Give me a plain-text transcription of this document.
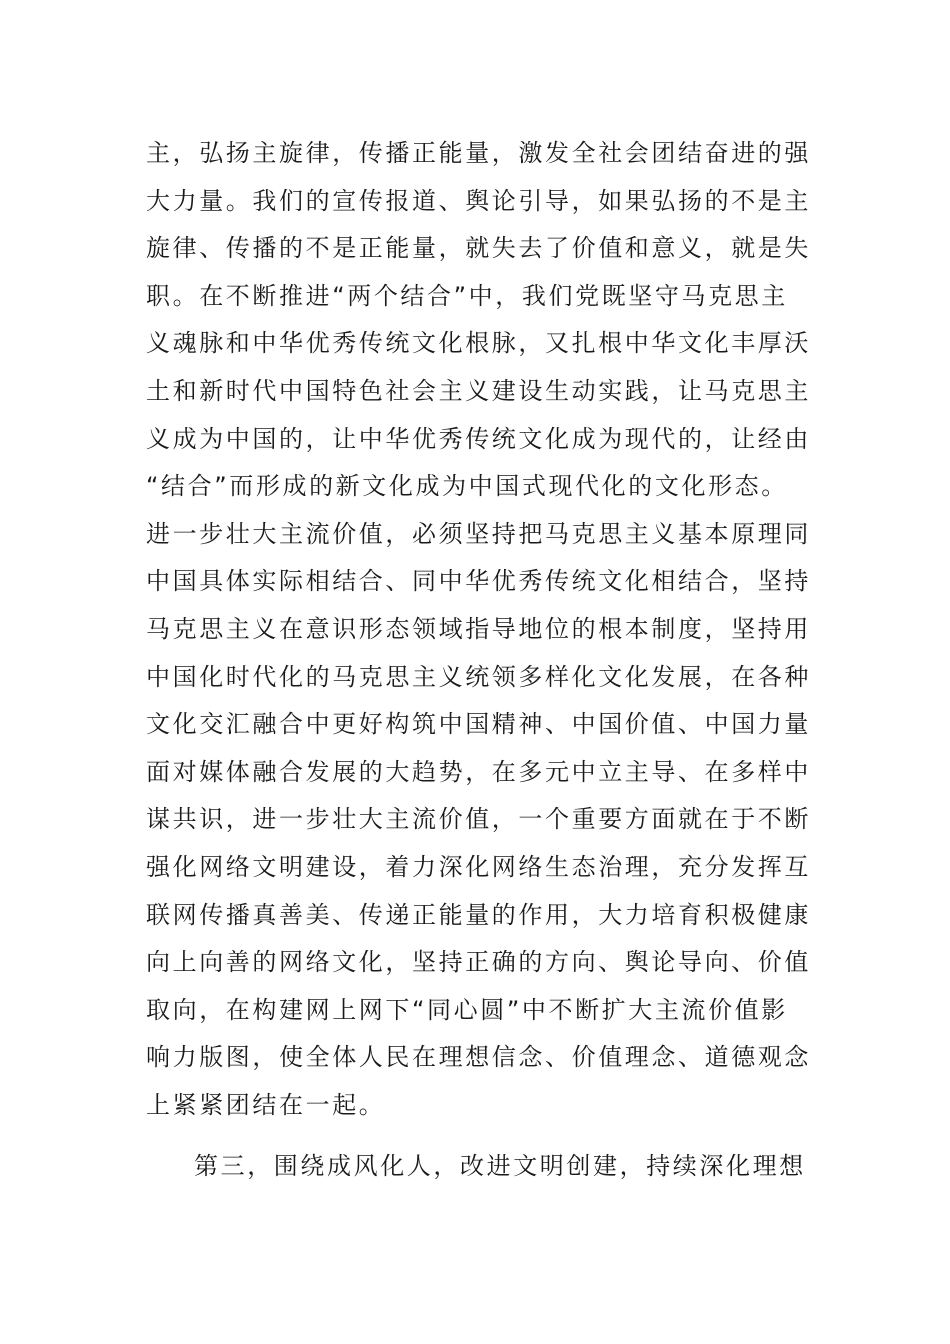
主，弘扬主旋律，传播正能量，激发全社会团结奋进的强
大力量。我们的宣传报道、舆论引导，如果弘扬的不是主
旋律、传播的不是正能量，就失去了价值和意义，就是失
职。在不断推进“两个结合”中，我们党既坚守马克思主
义魂脉和中华优秀传统文化根脉，又扎根中华文化丰厚沃
土和新时代中国特色社会主义建设生动实践，让马克思主
义成为中国的，让中华优秀传统文化成为现代的，让经由
“结合”而形成的新文化成为中国式现代化的文化形态。
进一步壮大主流价值，必须坚持把马克思主义基本原理同
中国具体实际相结合、同中华优秀传统文化相结合，坚持
马克思主义在意识形态领域指导地位的根本制度，坚持用
中国化时代化的马克思主义统领多样化文化发展，在各种
文化交汇融合中更好构筑中国精神、中国价值、中国力量
面对媒体融合发展的大趋势，在多元中立主导、在多样中
谋共识，进一步壮大主流价值，一个重要方面就在于不断
强化网络文明建设，着力深化网络生态治理，充分发挥互
联网传播真善美、传递正能量的作用，大力培育积极健康
向上向善的网络文化，坚持正确的方向、舆论导向、价值
取向，在构建网上网下“同心圆”中不断扩大主流价值影
响力版图，使全体人民在理想信念、价值理念、道德观念
上紧紧团结在一起。
第三，围绕成风化人，改进文明创建，持续深化理想
